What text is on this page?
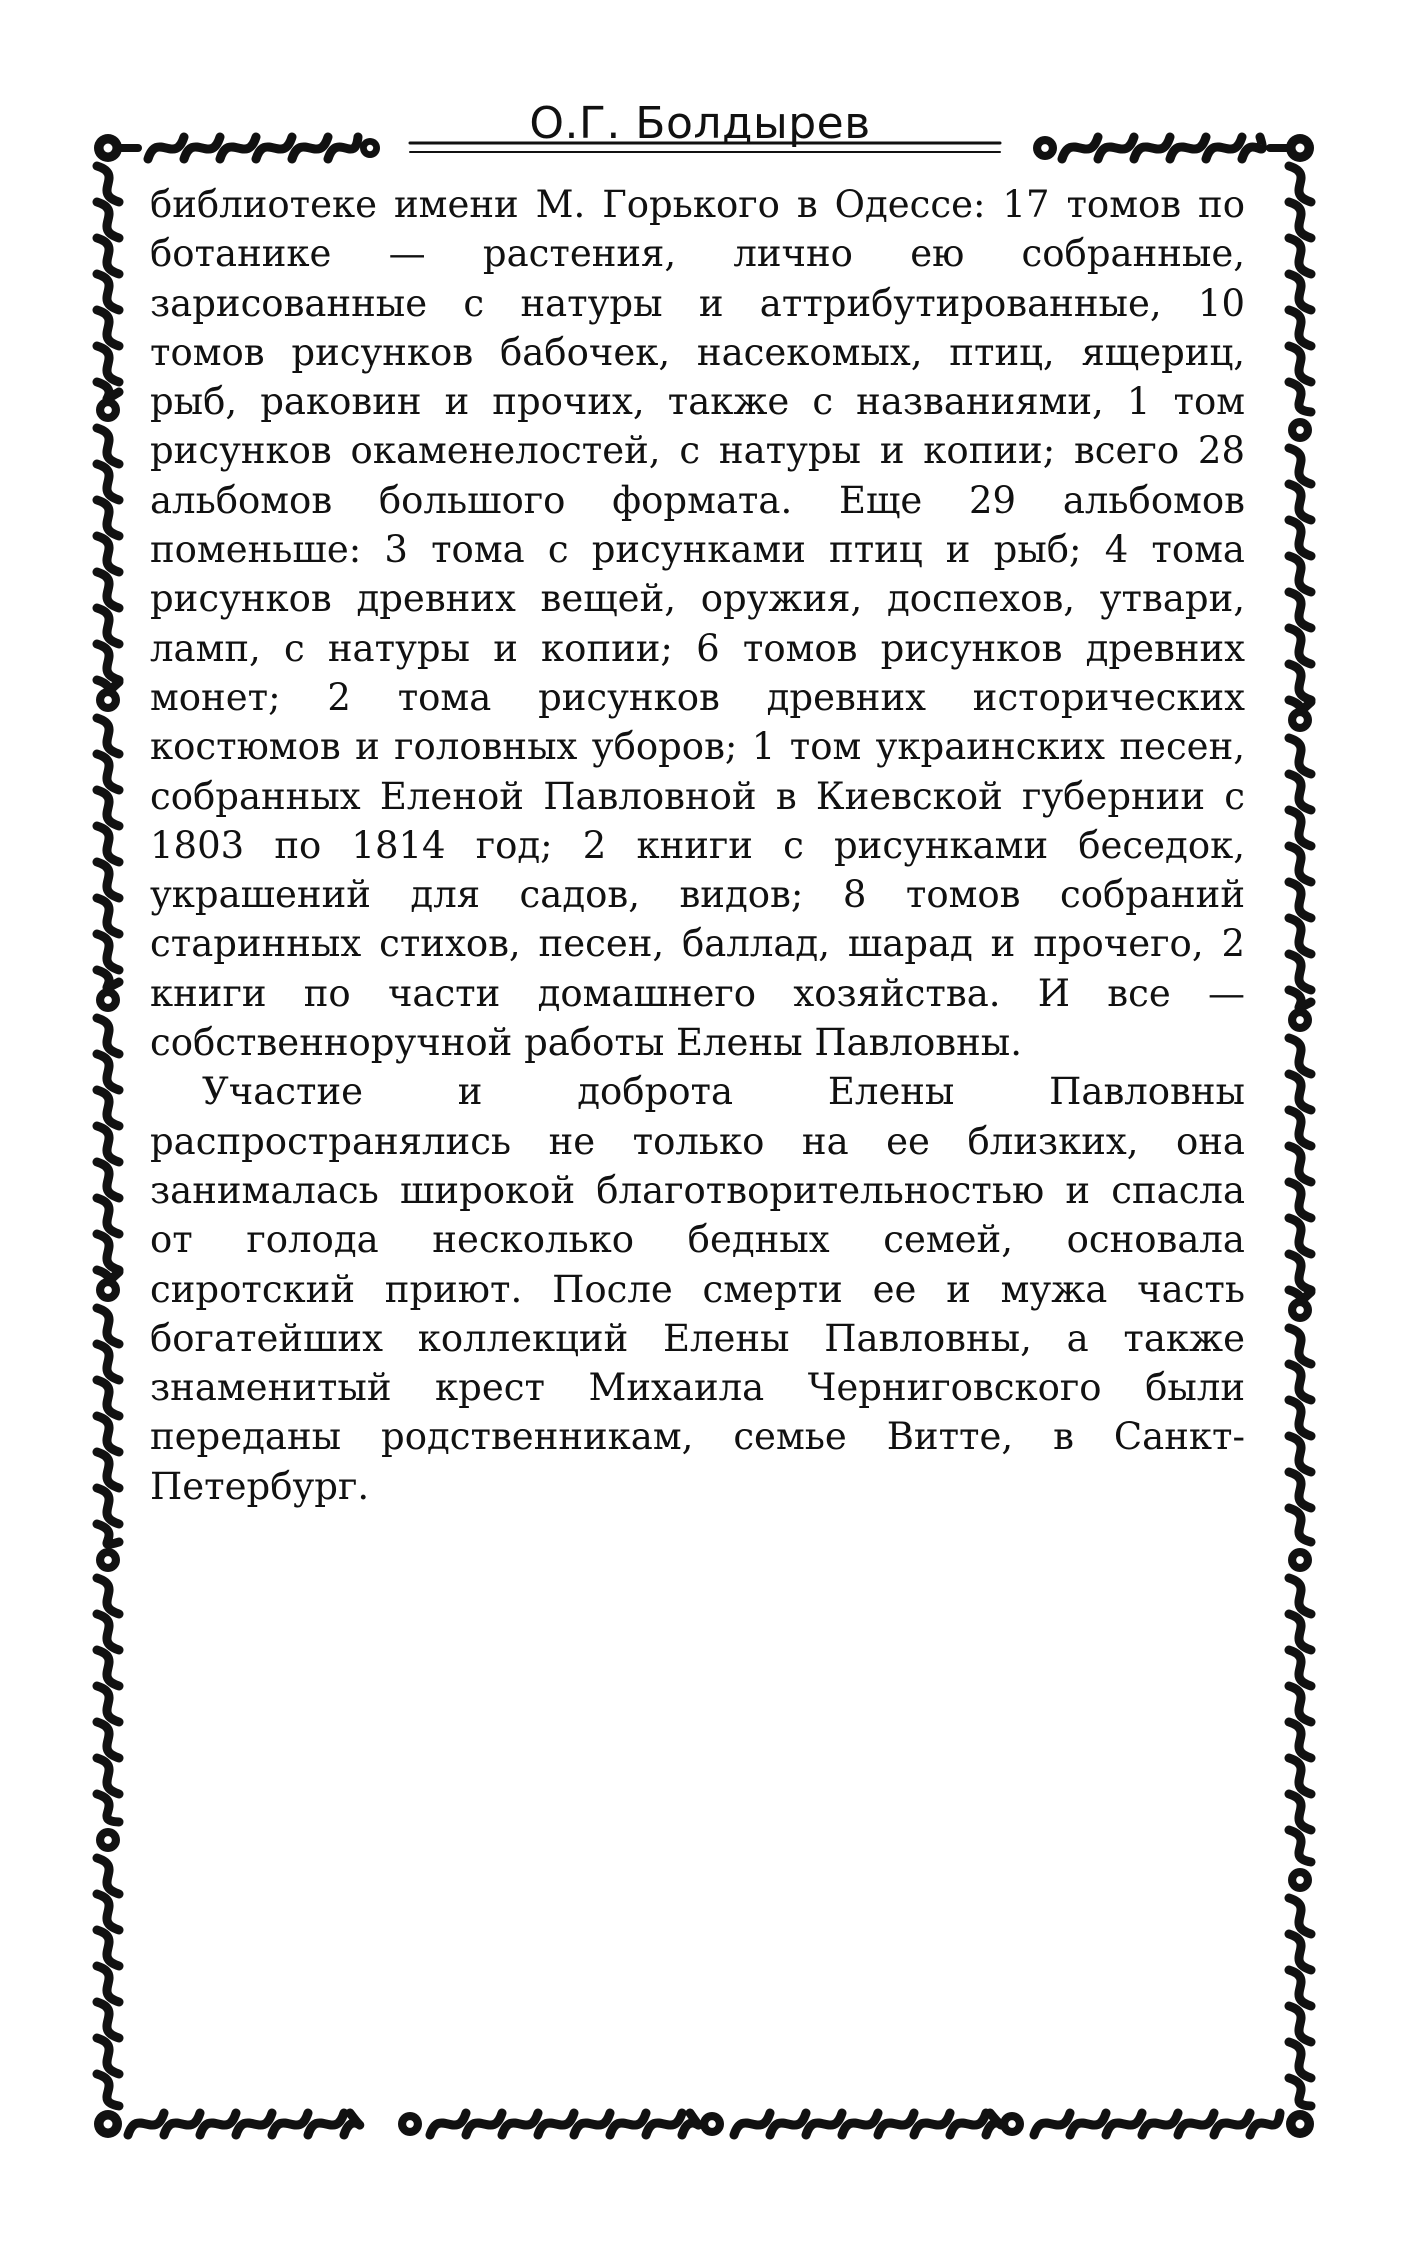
О.Г. Болдырев

библиотеке имени М. Горького в Одессе: 17 томов по ботанике — растения, лично ею собранные, зарисованные с натуры и аттрибутированные, 10 томов рисунков бабочек, насекомых, птиц, ящериц, рыб, раковин и прочих, также с названиями, 1 том рисунков окаменелостей, с натуры и копии; всего 28 альбомов большого формата. Еще 29 альбомов поменьше: 3 тома с рисунками птиц и рыб; 4 тома рисунков древних вещей, оружия, доспехов, утвари, ламп, с натуры и копии; 6 томов рисунков древних монет; 2 тома рисунков древних исторических костюмов и головных уборов; 1 том украинских песен, собранных Еленой Павловной в Киевской губернии с 1803 по 1814 год; 2 книги с рисунками беседок, украшений для садов, видов; 8 томов собраний старинных стихов, песен, баллад, шарад и прочего, 2 книги по части домашнего хозяйства. И все — собственноручной работы Елены Павловны.

Участие и доброта Елены Павловны распространялись не только на ее близких, она занималась широкой благотворительностью и спасла от голода несколько бедных семей, основала сиротский приют. После смерти ее и мужа часть богатейших коллекций Елены Павловны, а также знаменитый крест Михаила Черниговского были переданы родственникам, семье Витте, в Санкт-Петербург.
